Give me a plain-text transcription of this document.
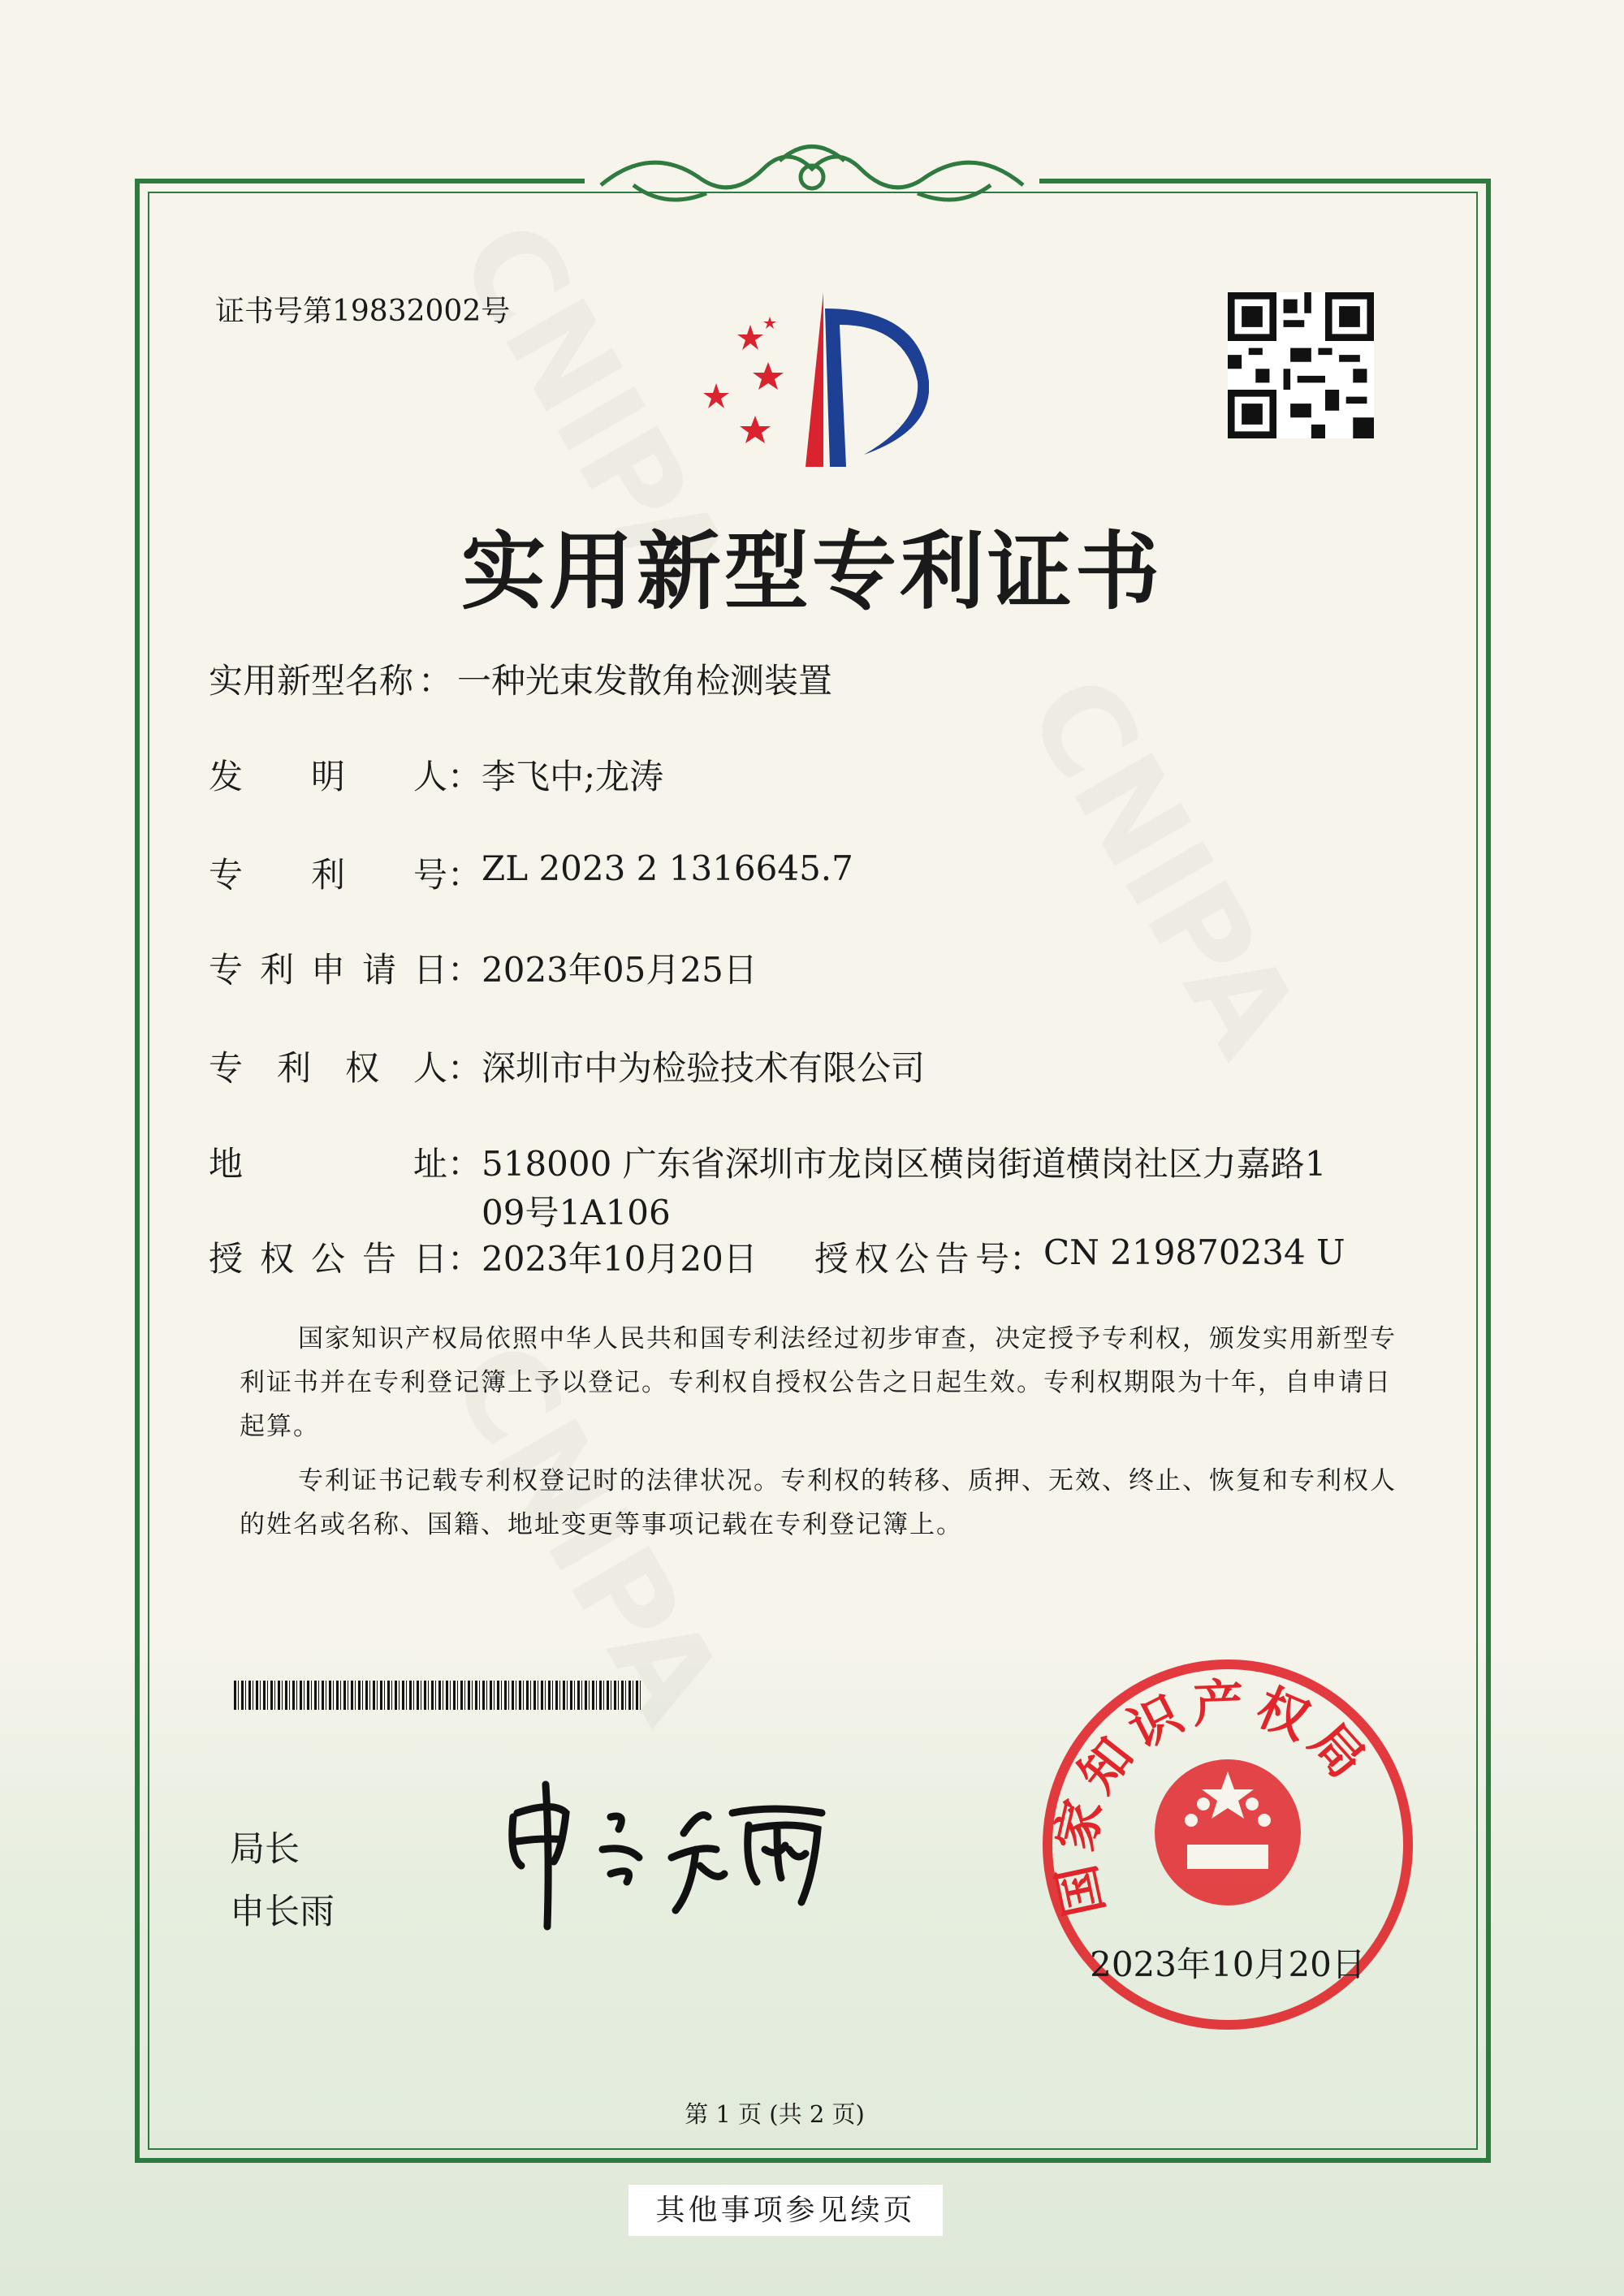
证书号第19832002号
实用新型专利证书
实用新型名称 ： 一种光束发散角检测装置
发明人 ： 李飞中;龙涛
专利号 ： ZL 2023 2 1316645.7
专利申请日 ： 2023年05月25日
专利权人 ： 深圳市中为检验技术有限公司
地址 ： 518000 广东省深圳市龙岗区横岗街道横岗社区力嘉路1
09号1A106
授权公告日 ： 2023年10月20日 授权公告号 ： CN 219870234 U
国家知识产权局依照中华人民共和国专利法经过初步审查，决定授予专利权，颁发实用新型专利证书并在专利登记簿上予以登记。专利权自授权公告之日起生效。专利权期限为十年，自申请日起算。
专利证书记载专利权登记时的法律状况。专利权的转移、质押、无效、终止、恢复和专利权人的姓名或名称、国籍、地址变更等事项记载在专利登记簿上。
局长
申长雨	国家知识产权局
2023年10月20日
第 1 页 (共 2 页)
其他事项参见续页
